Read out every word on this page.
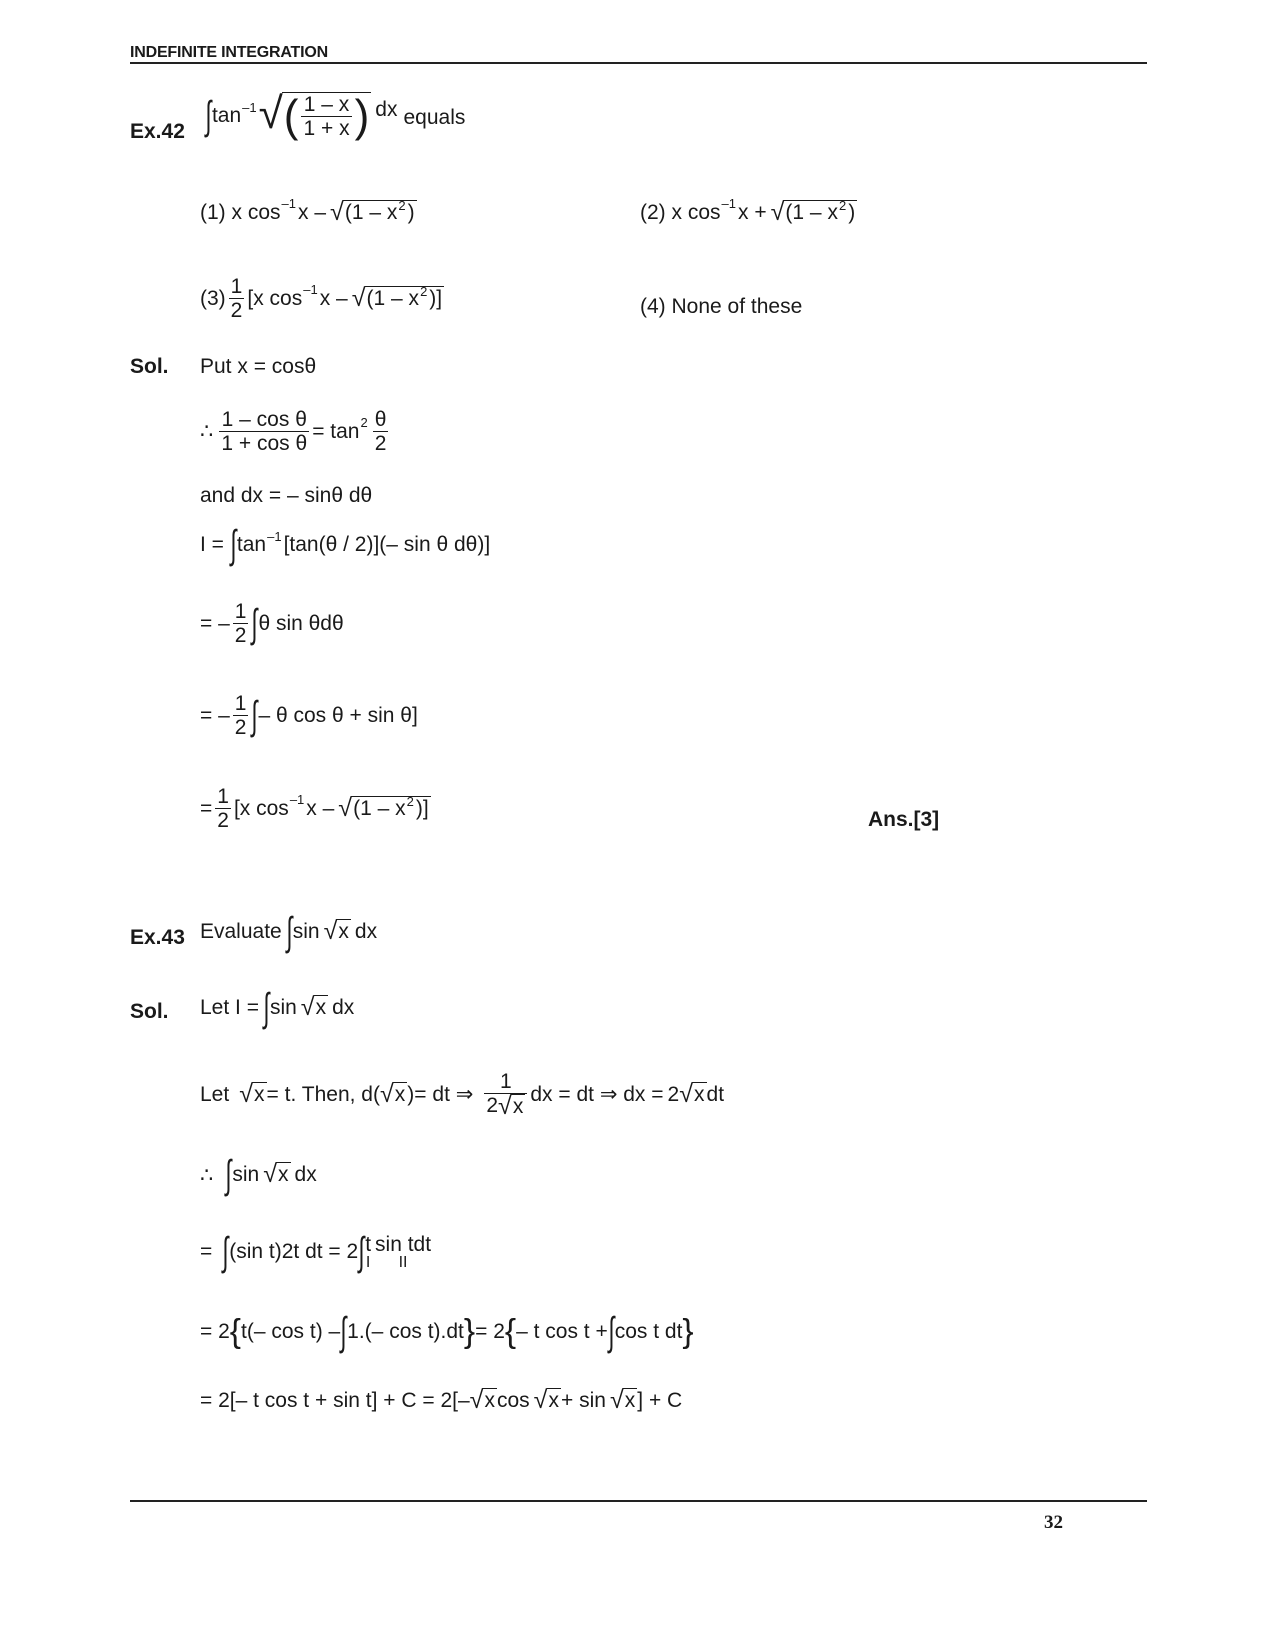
INDEFINITE INTEGRATION
Ex.42 ∫ tan –1 √ ( $\frac{1 - x}{1 + x}$ ) dx equals
(1) x cos –1 x – √ $(1 - x^2)$	(2) x cos –1 x + √ $(1 - x^2)$
$(3) \frac{1}{2} [x$ cos –1 x – √ $(1 - x^2)$]	(4) None of these
Sol. Put x = cosθ
∴ $\frac{\text{1 – cos θ}}{\text{1 + cos θ}} = \tan 2 \frac{\theta}{2}$
and dx = – sinθ dθ
I = ∫ tan –1 [tan(θ / 2)](– sin θ dθ)]
= – $\frac{1}{2}$ ∫ θ sin θdθ
= – $\frac{1}{2}$ ∫ – θ cos θ + sin θ]
= $\frac{1}{2} [x$ cos –1 x – √ $(1 - x^2)$]	Ans.[3]
Ex.43 Evaluate ∫ sin √ x dx
Sol. Let I = ∫ sin √ x dx
Let √ x = t. Then, d ( √ x ) = dt ⇒ $\frac{1}{2 √ x}$ dx = dt ⇒ dx = 2 √ x dt
∴ ∫ sin √ x dx
= ∫ (sin t)2t dt = 2 ∫ t
I
sin tdt
II
= 2 { t(– cos t) – ∫ 1.(– cos t).dt } = 2 { – t cos t + ∫ cos t dt }
= 2[– t cos t + sin t] + C = 2[– √ x cos √ x + sin √ x ] + C
32
